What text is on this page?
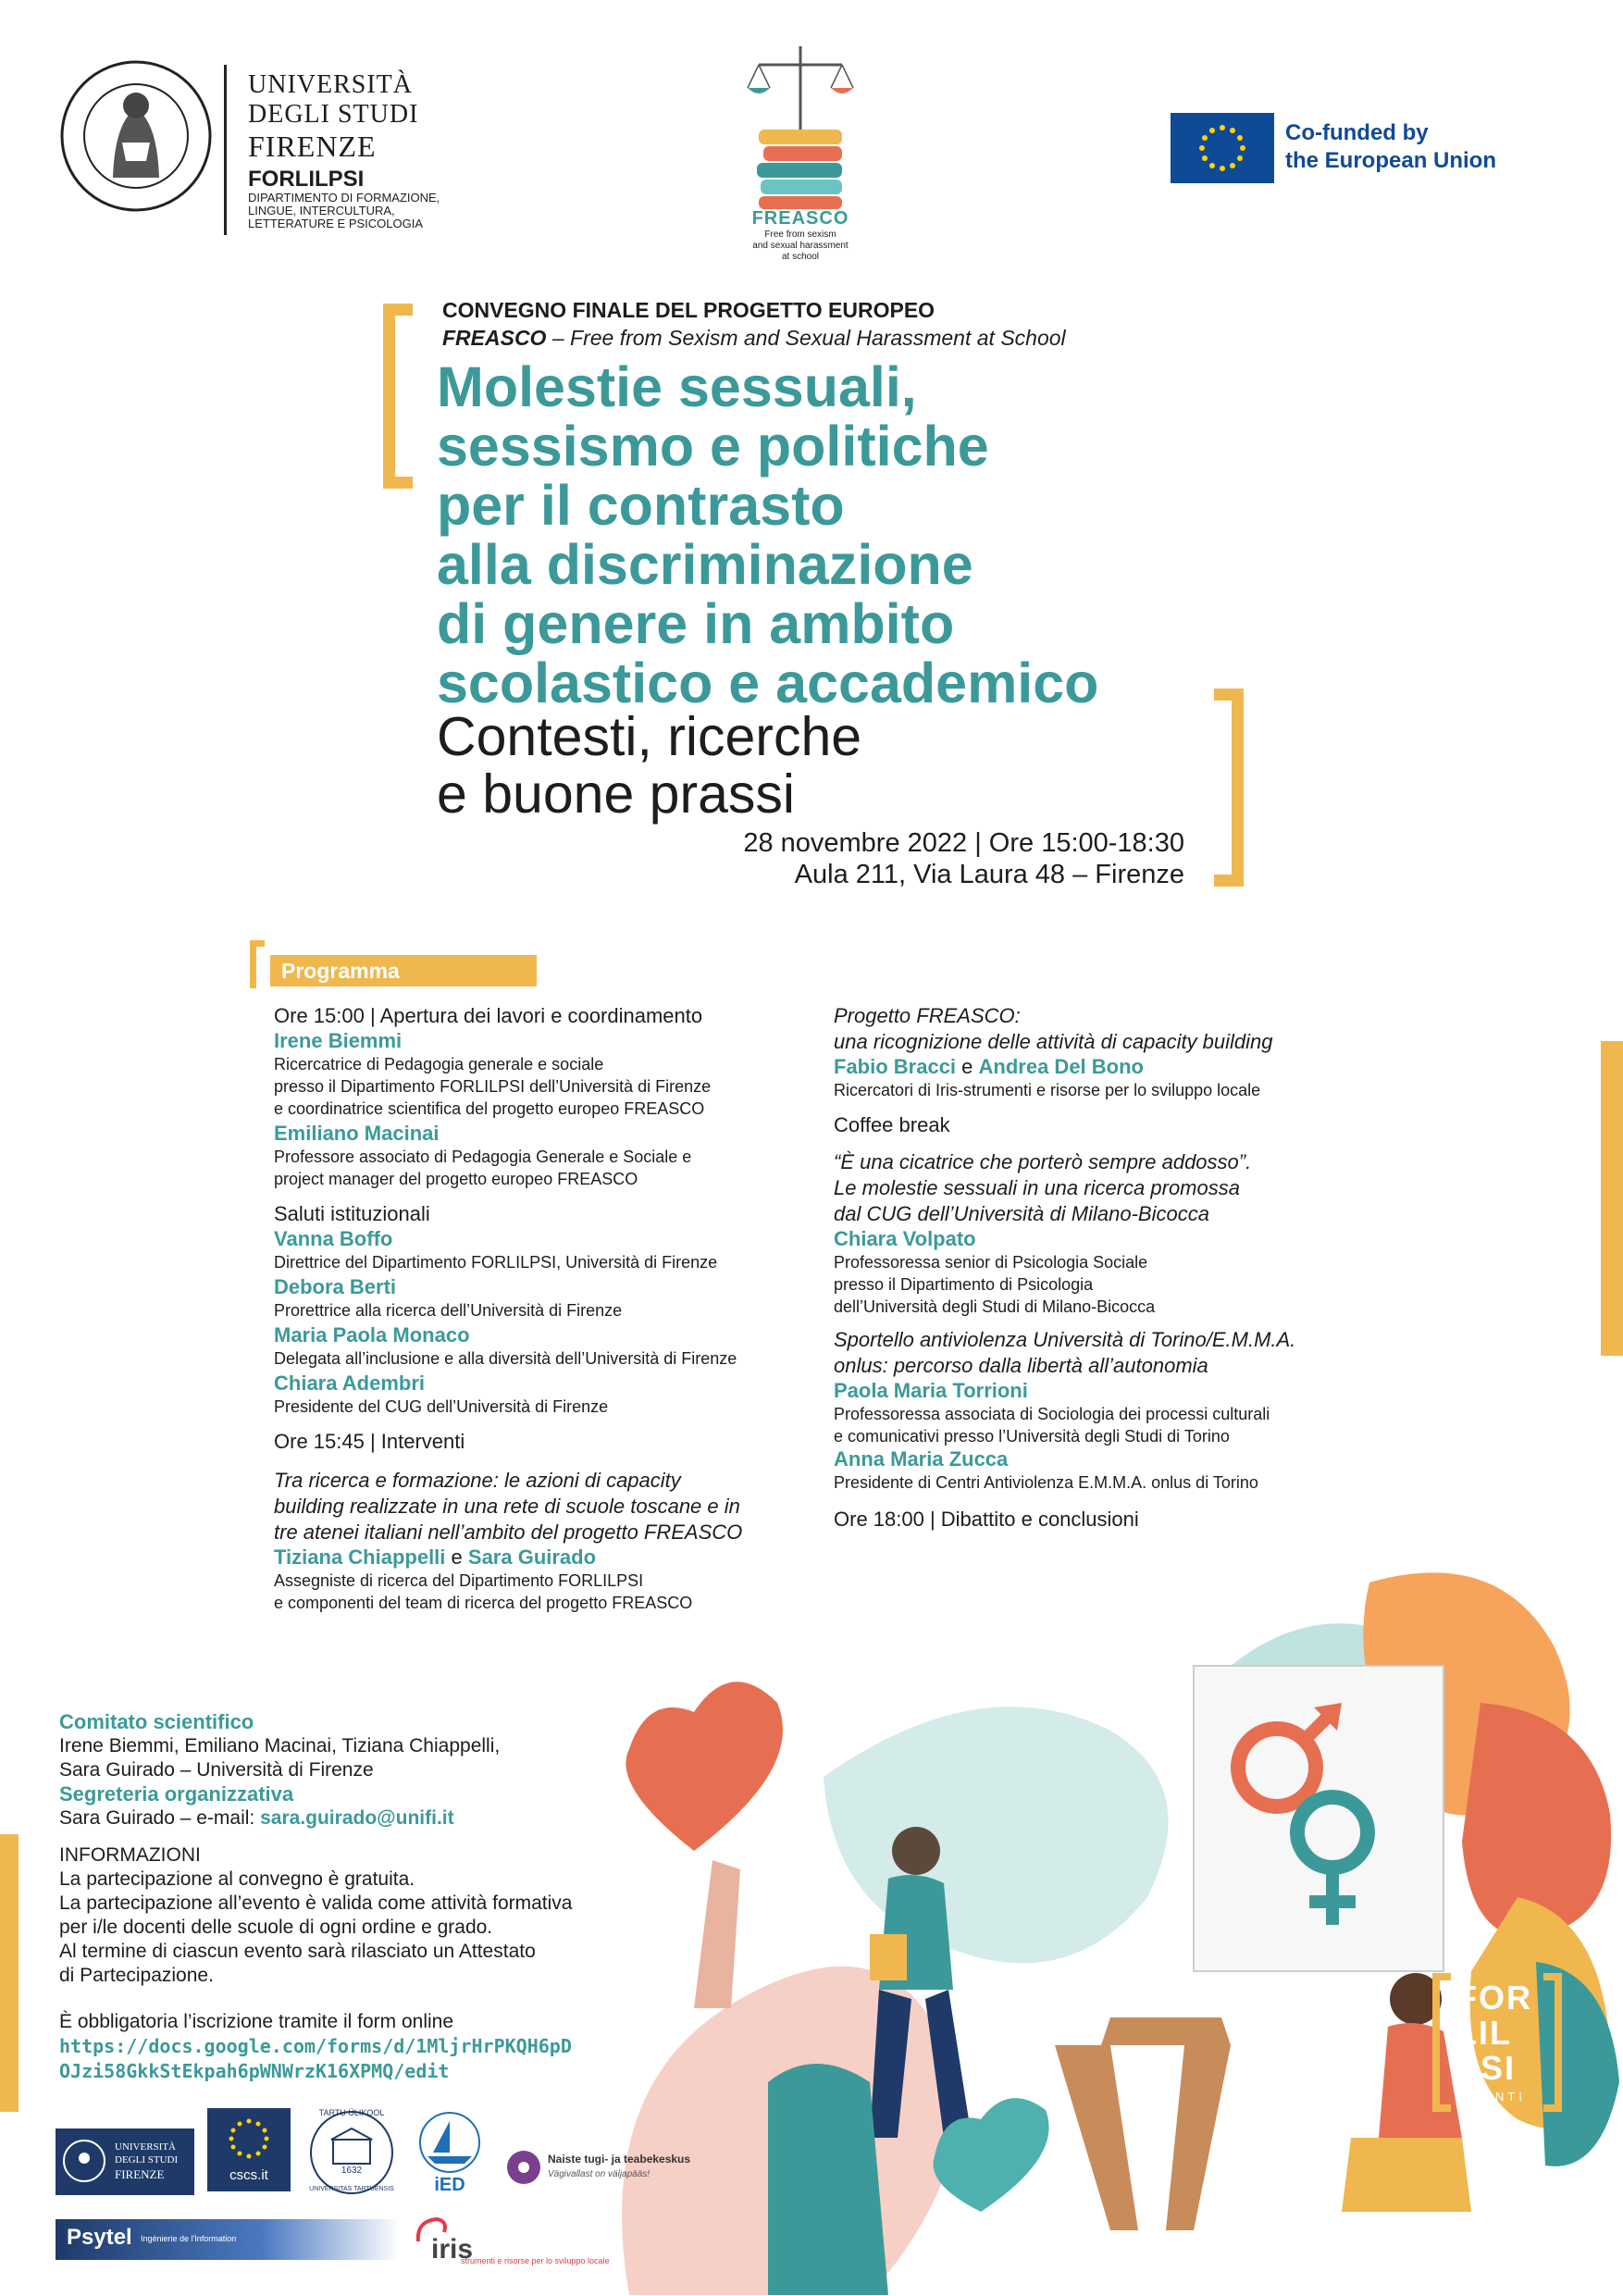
UNIVERSITÀ
DEGLI STUDI
FIRENZE
FORLILPSI
DIPARTIMENTO DI FORMAZIONE,
LINGUE, INTERCULTURA,
LETTERATURE E PSICOLOGIA	FREASCO
Free from sexism
and sexual harassment
at school
Co-funded by
the European Union
CONVEGNO FINALE DEL PROGETTO EUROPEO
FREASCO – Free from Sexism and Sexual Harassment at School
Molestie sessuali,
sessismo e politiche
per il contrasto
alla discriminazione
di genere in ambito
scolastico e accademico
Contesti, ricerche
e buone prassi
28 novembre 2022 | Ore 15:00-18:30
Aula 211, Via Laura 48 – Firenze
Programma
Ore 15:00 | Apertura dei lavori e coordinamento
Irene Biemmi
Ricercatrice di Pedagogia generale e sociale
presso il Dipartimento FORLILPSI dell’Università di Firenze
e coordinatrice scientifica del progetto europeo FREASCO
Emiliano Macinai
Professore associato di Pedagogia Generale e Sociale e
project manager del progetto europeo FREASCO
Saluti istituzionali
Vanna Boffo
Direttrice del Dipartimento FORLILPSI, Università di Firenze
Debora Berti
Prorettrice alla ricerca dell’Università di Firenze
Maria Paola Monaco
Delegata all’inclusione e alla diversità dell’Università di Firenze
Chiara Adembri
Presidente del CUG dell’Università di Firenze
Ore 15:45 | Interventi
Tra ricerca e formazione: le azioni di capacity
building realizzate in una rete di scuole toscane e in
tre atenei italiani nell’ambito del progetto FREASCO
Tiziana Chiappelli e Sara Guirado
Assegniste di ricerca del Dipartimento FORLILPSI
e componenti del team di ricerca del progetto FREASCO
Progetto FREASCO:
una ricognizione delle attività di capacity building
Fabio Bracci e Andrea Del Bono
Ricercatori di Iris-strumenti e risorse per lo sviluppo locale
Coffee break
“È una cicatrice che porterò sempre addosso”.
Le molestie sessuali in una ricerca promossa
dal CUG dell’Università di Milano-Bicocca
Chiara Volpato
Professoressa senior di Psicologia Sociale
presso il Dipartimento di Psicologia
dell’Università degli Studi di Milano-Bicocca
Sportello antiviolenza Università di Torino/E.M.M.A.
onlus: percorso dalla libertà all’autonomia
Paola Maria Torrioni
Professoressa associata di Sociologia dei processi culturali
e comunicativi presso l’Università degli Studi di Torino
Anna Maria Zucca
Presidente di Centri Antiviolenza E.M.M.A. onlus di Torino
Ore 18:00 | Dibattito e conclusioni
FOR
LIL
PSI
EVENTI
Comitato scientifico
Irene Biemmi, Emiliano Macinai, Tiziana Chiappelli,
Sara Guirado – Università di Firenze
Segreteria organizzativa
Sara Guirado – e-mail: sara.guirado@unifi.it
INFORMAZIONI
La partecipazione al convegno è gratuita.
La partecipazione all’evento è valida come attività formativa
per i/le docenti delle scuole di ogni ordine e grado.
Al termine di ciascun evento sarà rilasciato un Attestato
di Partecipazione.
È obbligatoria l’iscrizione tramite il form online
https://docs.google.com/forms/d/1MljrHrPKQH6pD
OJzi58GkkStEkpah6pWNWrzK16XPMQ/edit
UNIVERSITÀ
DEGLI STUDI
FIRENZE	cscs.it
TARTU ÜLIKOOL
1632
UNIVERSITAS TARTUENSIS	iED
Naiste tugi- ja teabekeskus
Vägivallast on väljapääs!
Psytel Ingénierie de l'Information	iris
strumenti e risorse per lo sviluppo locale
